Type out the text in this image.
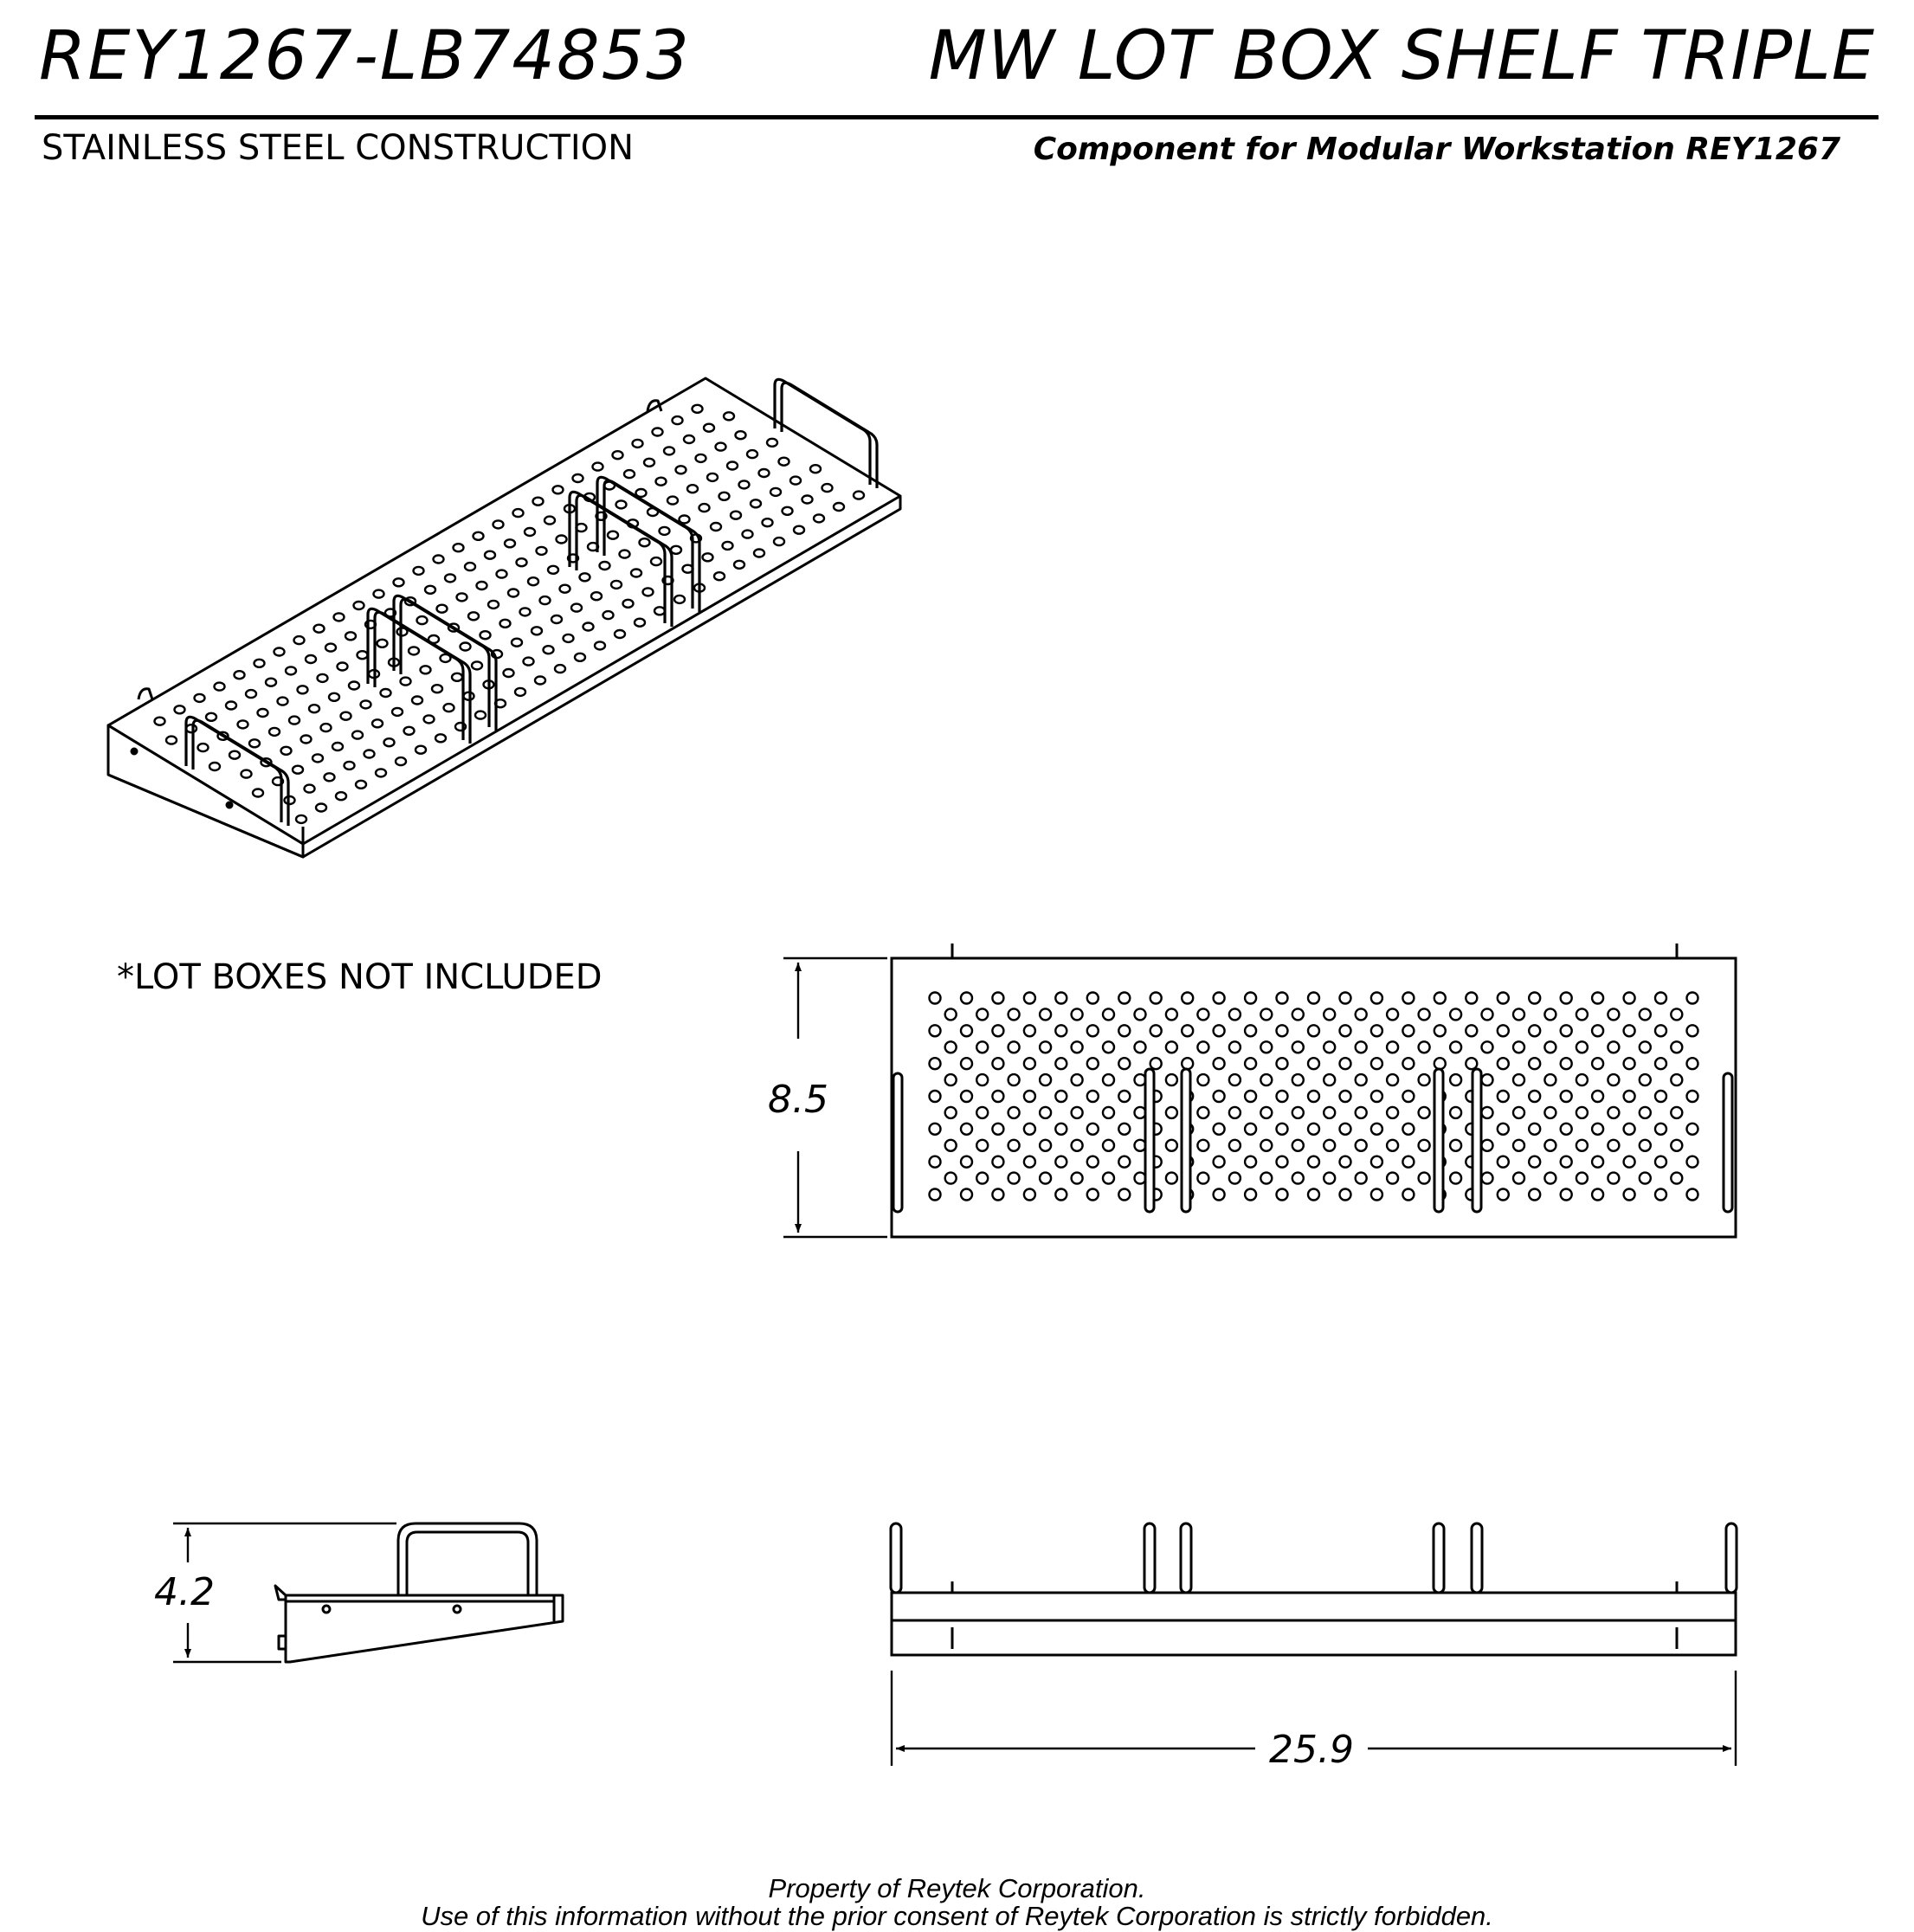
REY1267-LB74853	MW LOT BOX SHELF TRIPLE
STAINLESS STEEL CONSTRUCTION	Component for Modular Workstation REY1267
*LOT BOXES NOT INCLUDED
8.5
4.2
25.9
Property of Reytek Corporation.
Use of this information without the prior consent of Reytek Corporation is strictly forbidden.
